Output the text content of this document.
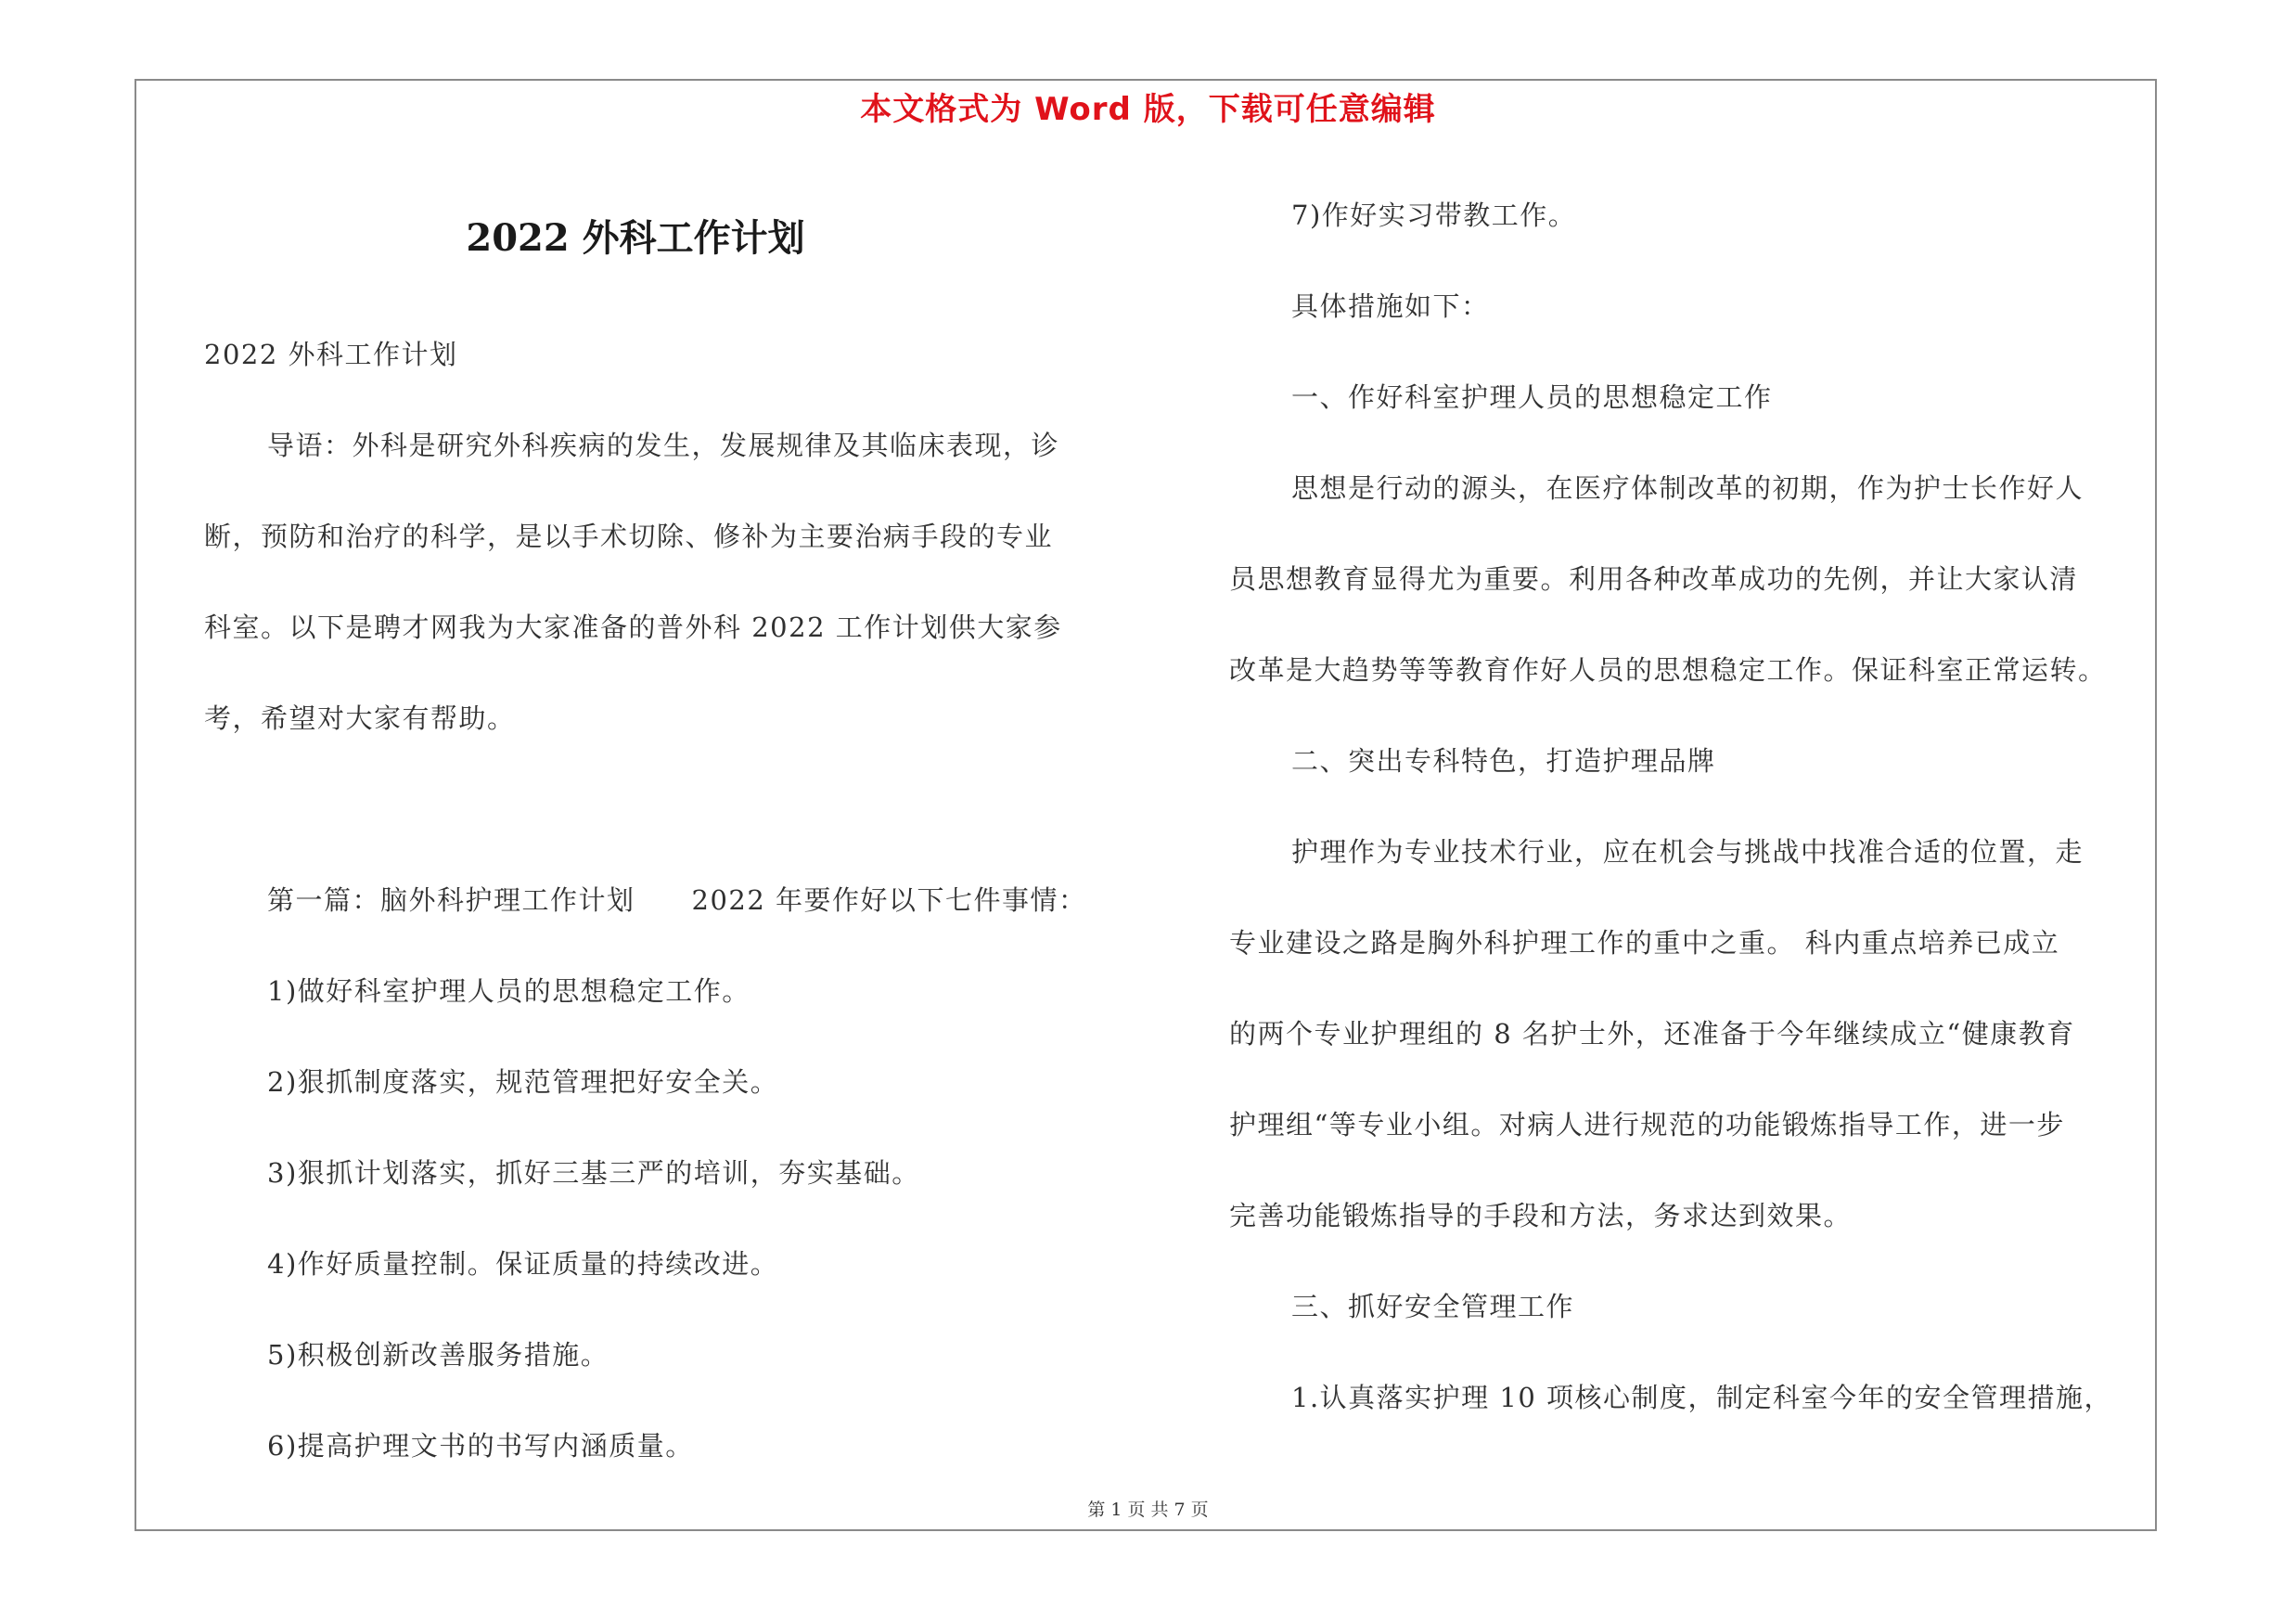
本文格式为 Word 版，下载可任意编辑
2022 外科工作计划
2022 外科工作计划
导语：外科是研究外科疾病的发生，发展规律及其临床表现，诊
断，预防和治疗的科学，是以手术切除、修补为主要治病手段的专业
科室。以下是聘才网我为大家准备的普外科 2022 工作计划供大家参
考，希望对大家有帮助。
第一篇：脑外科护理工作计划　　2022 年要作好以下七件事情：
1)做好科室护理人员的思想稳定工作。
2)狠抓制度落实，规范管理把好安全关。
3)狠抓计划落实，抓好三基三严的培训，夯实基础。
4)作好质量控制。保证质量的持续改进。
5)积极创新改善服务措施。
6)提高护理文书的书写内涵质量。
7)作好实习带教工作。
具体措施如下：
一、作好科室护理人员的思想稳定工作
思想是行动的源头，在医疗体制改革的初期，作为护士长作好人
员思想教育显得尤为重要。利用各种改革成功的先例，并让大家认清
改革是大趋势等等教育作好人员的思想稳定工作。保证科室正常运转。
二、突出专科特色，打造护理品牌
护理作为专业技术行业，应在机会与挑战中找准合适的位置，走
专业建设之路是胸外科护理工作的重中之重。 科内重点培养已成立
的两个专业护理组的 8 名护士外，还准备于今年继续成立“健康教育
护理组“等专业小组。对病人进行规范的功能锻炼指导工作，进一步
完善功能锻炼指导的手段和方法，务求达到效果。
三、抓好安全管理工作
1.认真落实护理 10 项核心制度，制定科室今年的安全管理措施，
第 1 页 共 7 页
